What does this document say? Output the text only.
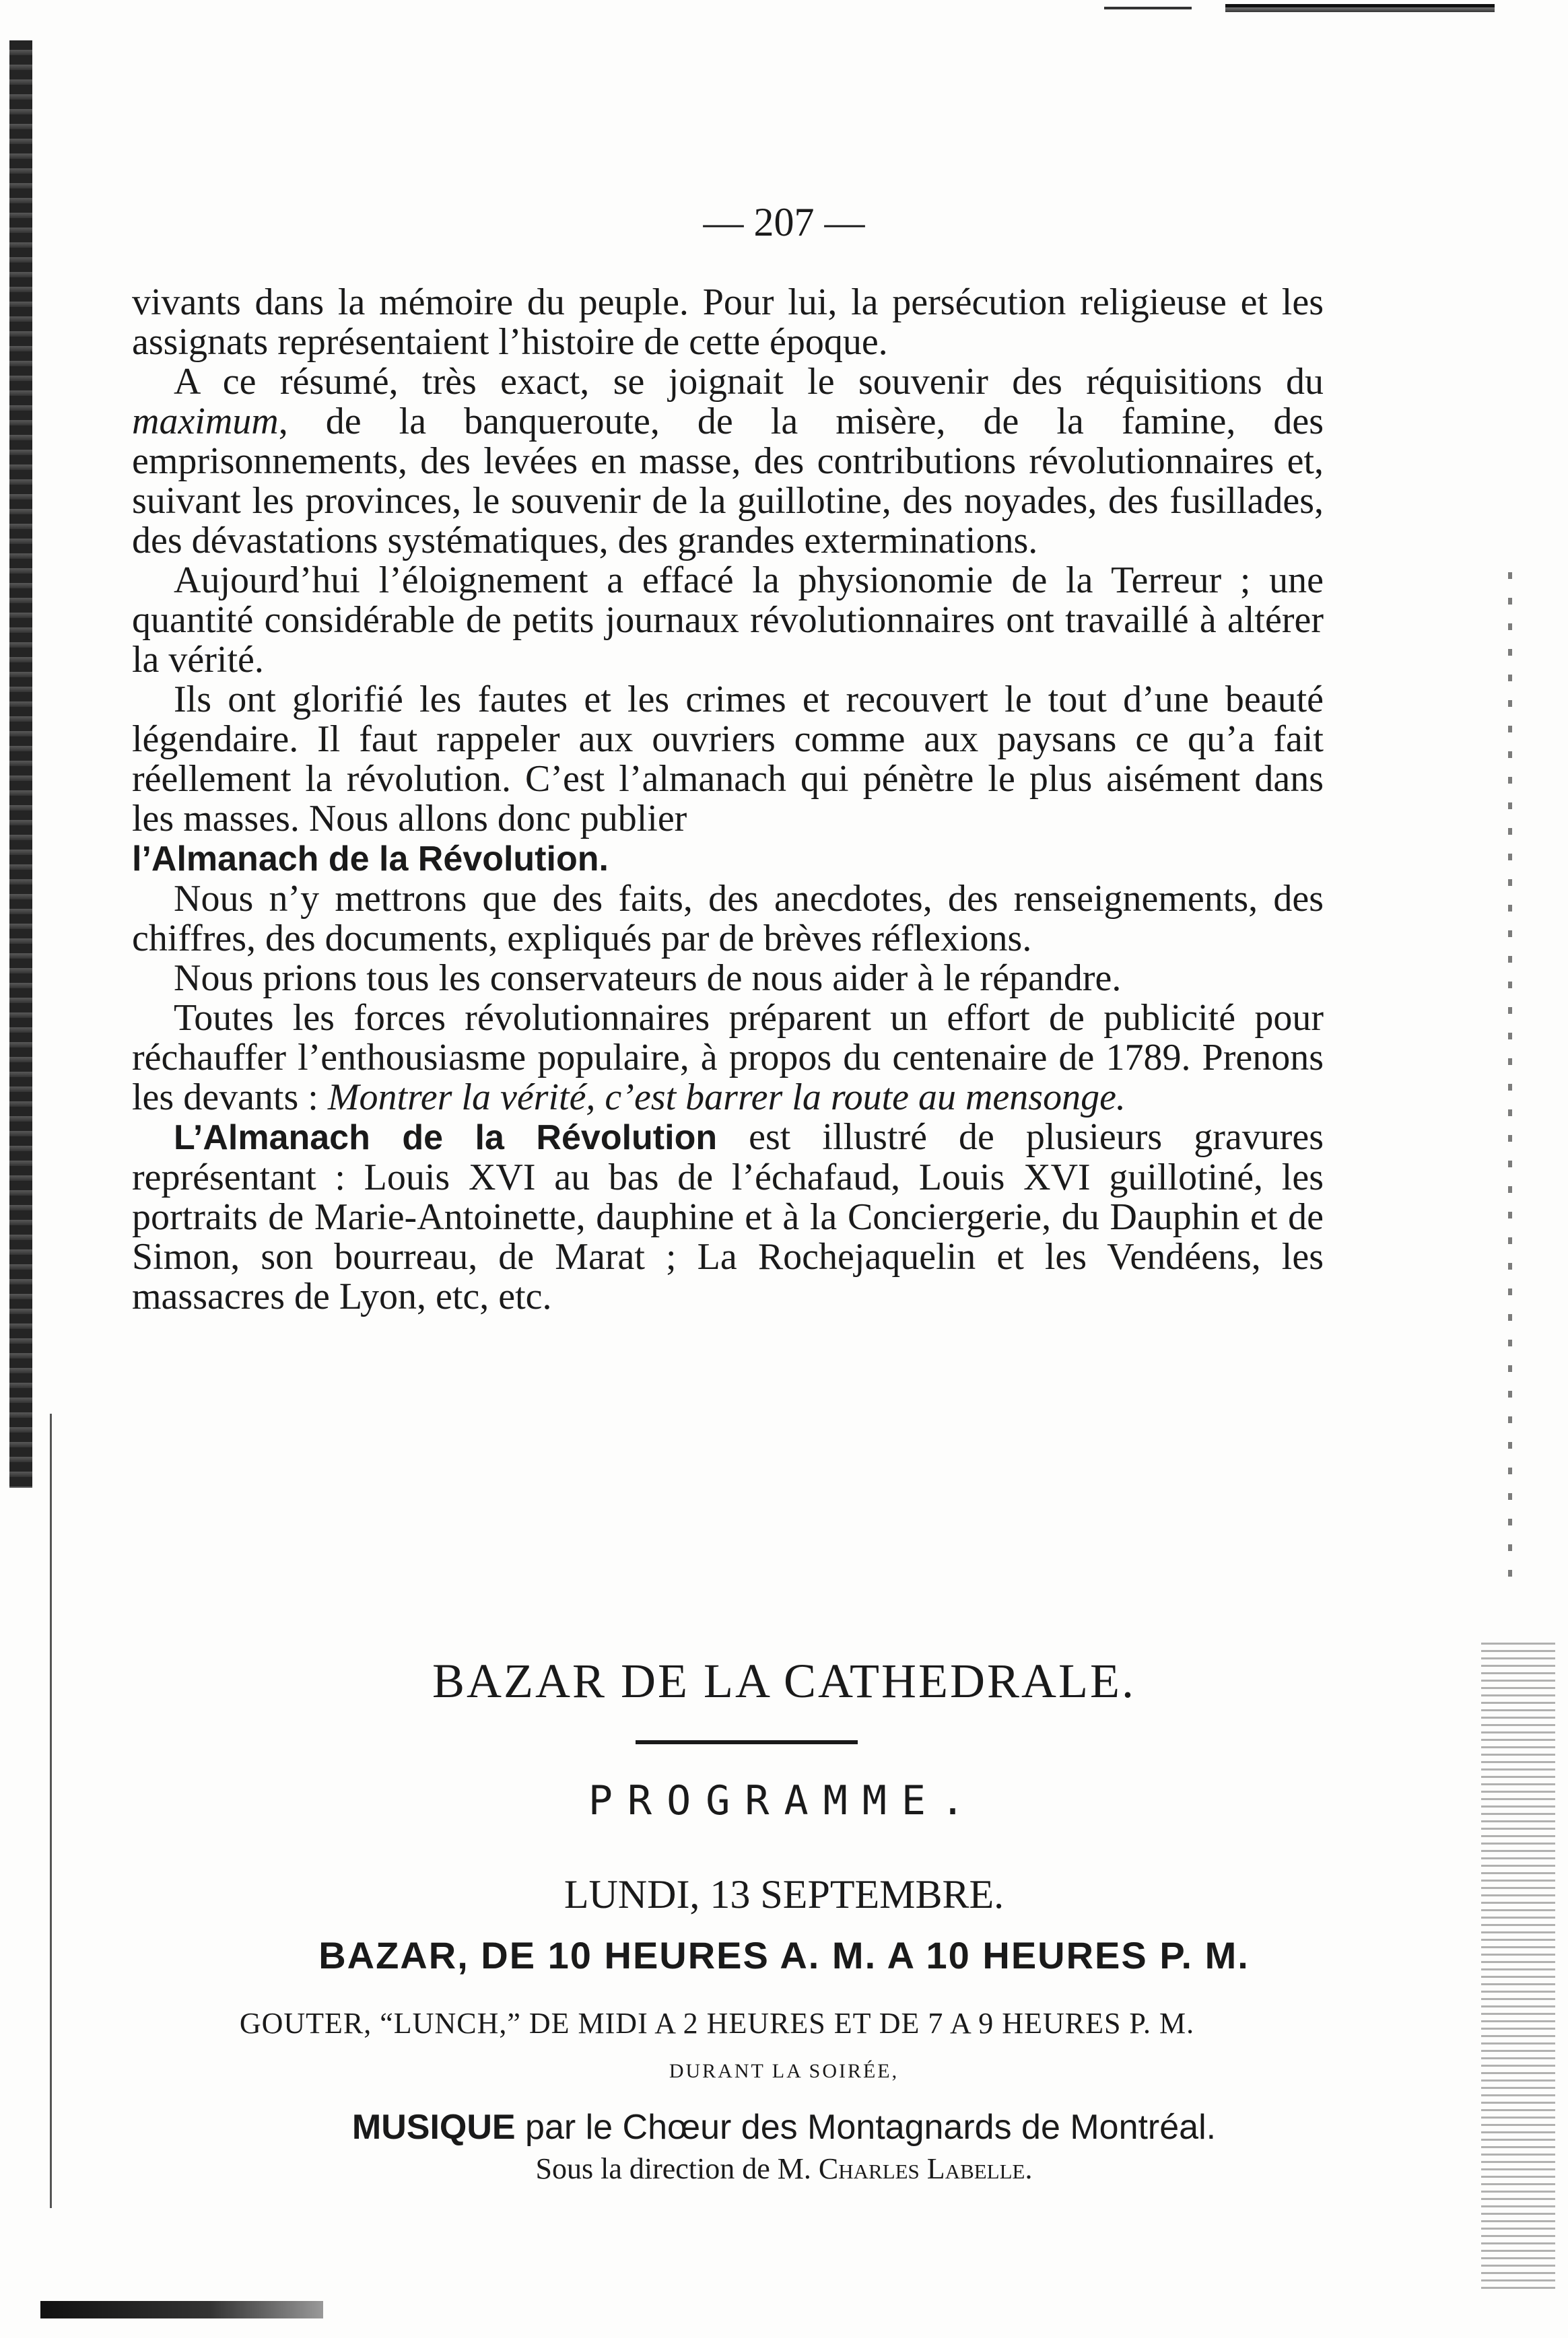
— 207 —

vivants dans la mémoire du peuple. Pour lui, la persécution religieuse et les assignats représentaient l’histoire de cette époque.

A ce résumé, très exact, se joignait le souvenir des réquisitions du maximum, de la banqueroute, de la misère, de la famine, des emprisonnements, des levées en masse, des contributions révolutionnaires et, suivant les provinces, le souvenir de la guillotine, des noyades, des fusillades, des dévastations systématiques, des grandes exterminations.

Aujourd’hui l’éloignement a effacé la physionomie de la Terreur ; une quantité considérable de petits journaux révolutionnaires ont travaillé à altérer la vérité.

Ils ont glorifié les fautes et les crimes et recouvert le tout d’une beauté légendaire. Il faut rappeler aux ouvriers comme aux paysans ce qu’a fait réellement la révolution. C’est l’almanach qui pénètre le plus aisément dans les masses. Nous allons donc publier
l’Almanach de la Révolution.

Nous n’y mettrons que des faits, des anecdotes, des renseignements, des chiffres, des documents, expliqués par de brèves réflexions.

Nous prions tous les conservateurs de nous aider à le répandre.

Toutes les forces révolutionnaires préparent un effort de publicité pour réchauffer l’enthousiasme populaire, à propos du centenaire de 1789. Prenons les devants : Montrer la vérité, c’est barrer la route au mensonge.

L’Almanach de la Révolution est illustré de plusieurs gravures représentant : Louis XVI au bas de l’échafaud, Louis XVI guillotiné, les portraits de Marie-Antoinette, dauphine et à la Conciergerie, du Dauphin et de Simon, son bourreau, de Marat ; La Rochejaquelin et les Vendéens, les massacres de Lyon, etc, etc.

BAZAR DE LA CATHEDRALE.
PROGRAMME.
LUNDI, 13 SEPTEMBRE.
BAZAR, DE 10 HEURES A. M. A 10 HEURES P. M.
GOUTER, “LUNCH,” DE MIDI A 2 HEURES ET DE 7 A 9 HEURES P. M.
DURANT LA SOIRÉE,
MUSIQUE par le Chœur des Montagnards de Montréal.
Sous la direction de M. Charles Labelle.
